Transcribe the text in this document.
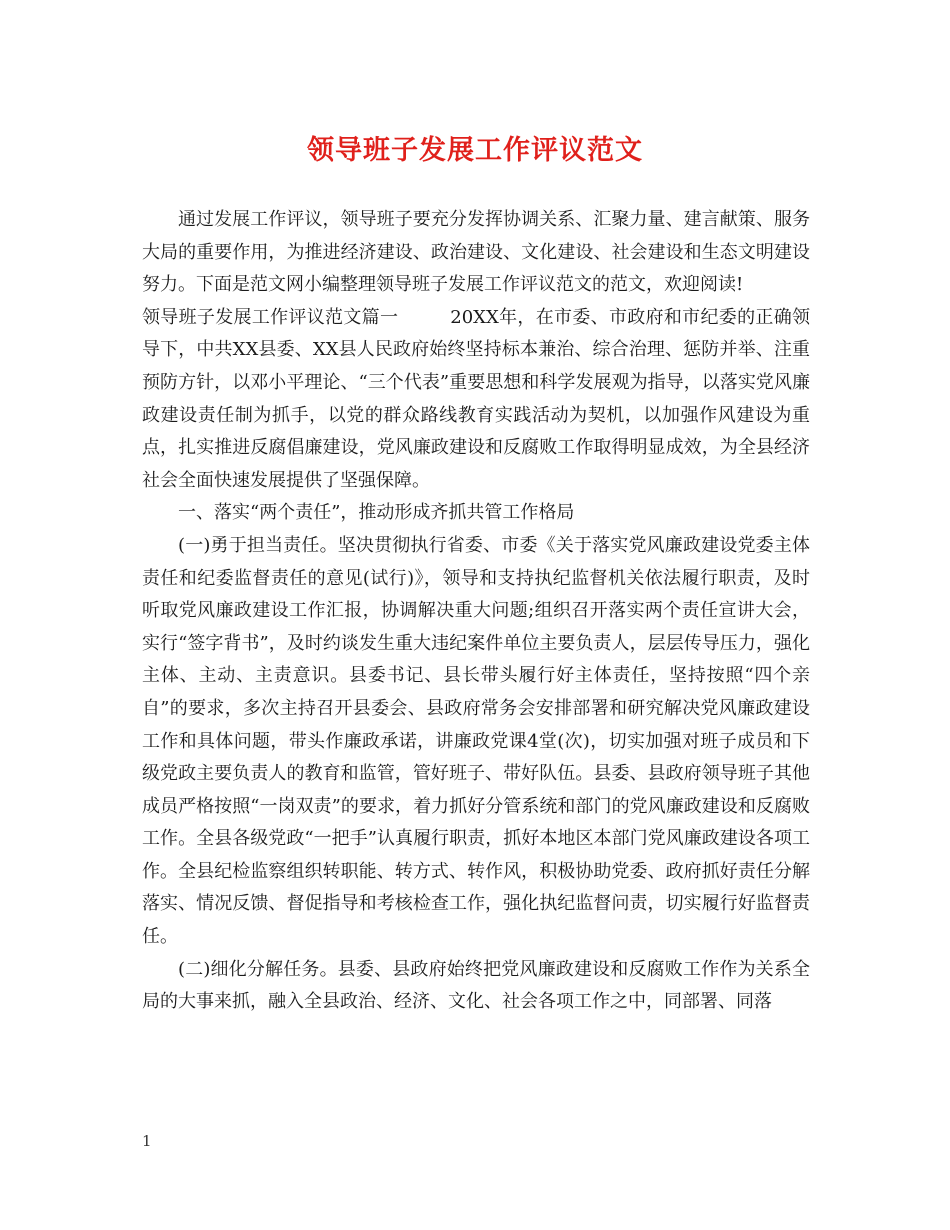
领导班子发展工作评议范文

通过发展工作评议，领导班子要充分发挥协调关系、汇聚力量、建言献策、服务大局的重要作用，为推进经济建设、政治建设、文化建设、社会建设和生态文明建设努力。下面是范文网小编整理领导班子发展工作评议范文的范文，欢迎阅读!

领导班子发展工作评议范文篇一	20XX年，在市委、市政府和市纪委的正确领导下，中共XX县委、XX县人民政府始终坚持标本兼治、综合治理、惩防并举、注重预防方针，以邓小平理论、“三个代表”重要思想和科学发展观为指导，以落实党风廉政建设责任制为抓手，以党的群众路线教育实践活动为契机，以加强作风建设为重点，扎实推进反腐倡廉建设，党风廉政建设和反腐败工作取得明显成效，为全县经济社会全面快速发展提供了坚强保障。

一、落实“两个责任”，推动形成齐抓共管工作格局

(一)勇于担当责任。坚决贯彻执行省委、市委《关于落实党风廉政建设党委主体责任和纪委监督责任的意见(试行)》，领导和支持执纪监督机关依法履行职责，及时听取党风廉政建设工作汇报，协调解决重大问题;组织召开落实两个责任宣讲大会，实行“签字背书”，及时约谈发生重大违纪案件单位主要负责人，层层传导压力，强化主体、主动、主责意识。县委书记、县长带头履行好主体责任，坚持按照“四个亲自”的要求，多次主持召开县委会、县政府常务会安排部署和研究解决党风廉政建设工作和具体问题，带头作廉政承诺，讲廉政党课4堂(次)，切实加强对班子成员和下级党政主要负责人的教育和监管，管好班子、带好队伍。县委、县政府领导班子其他成员严格按照“一岗双责”的要求，着力抓好分管系统和部门的党风廉政建设和反腐败工作。全县各级党政“一把手”认真履行职责，抓好本地区本部门党风廉政建设各项工作。全县纪检监察组织转职能、转方式、转作风，积极协助党委、政府抓好责任分解落实、情况反馈、督促指导和考核检查工作，强化执纪监督问责，切实履行好监督责任。

(二)细化分解任务。县委、县政府始终把党风廉政建设和反腐败工作作为关系全局的大事来抓，融入全县政治、经济、文化、社会各项工作之中，同部署、同落

1
